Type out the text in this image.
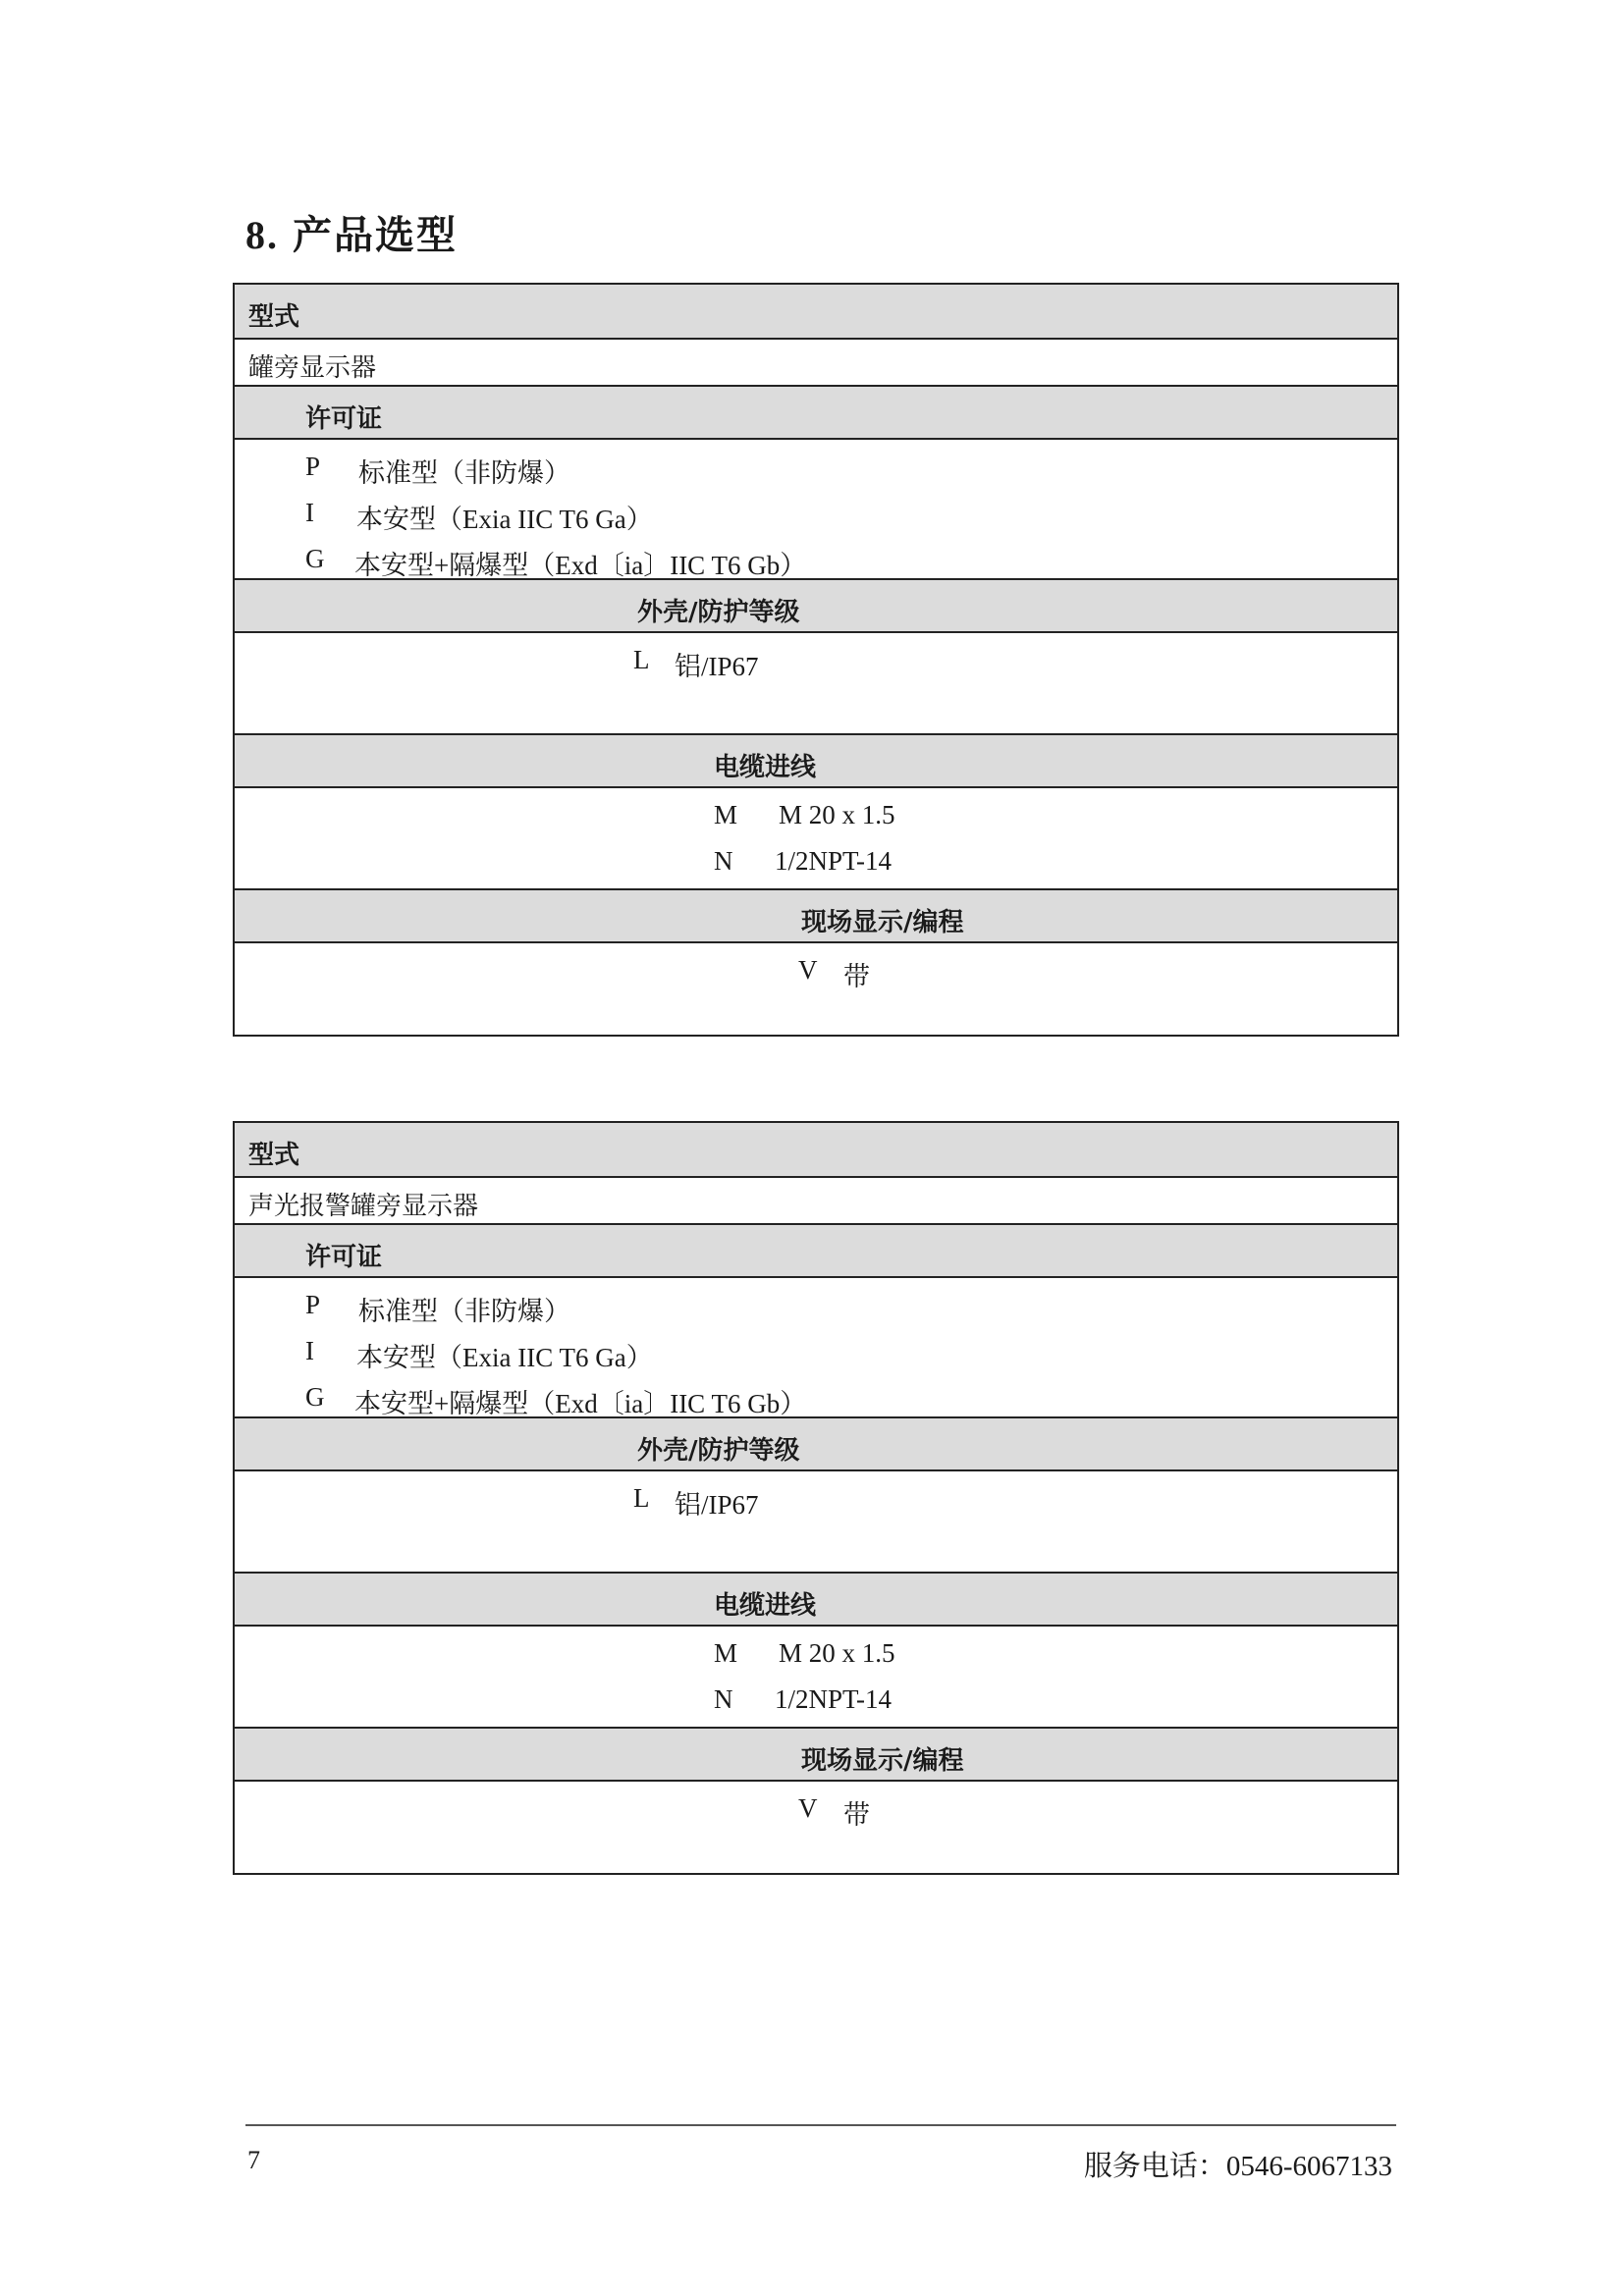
8. 产品选型
型式
罐旁显示器
许可证
P 标准型（非防爆）
I 本安型（Exia IIC T6 Ga）
G 本安型+隔爆型（Exd〔ia〕IIC T6 Gb）
外壳/防护等级
L 铝/IP67
电缆进线
M M 20 x 1.5
N 1/2NPT-14
现场显示/编程
V 带
型式
声光报警罐旁显示器
许可证
P 标准型（非防爆）
I 本安型（Exia IIC T6 Ga）
G 本安型+隔爆型（Exd〔ia〕IIC T6 Gb）
外壳/防护等级
L 铝/IP67
电缆进线
M M 20 x 1.5
N 1/2NPT-14
现场显示/编程
V 带
7	服务电话：0546-6067133
